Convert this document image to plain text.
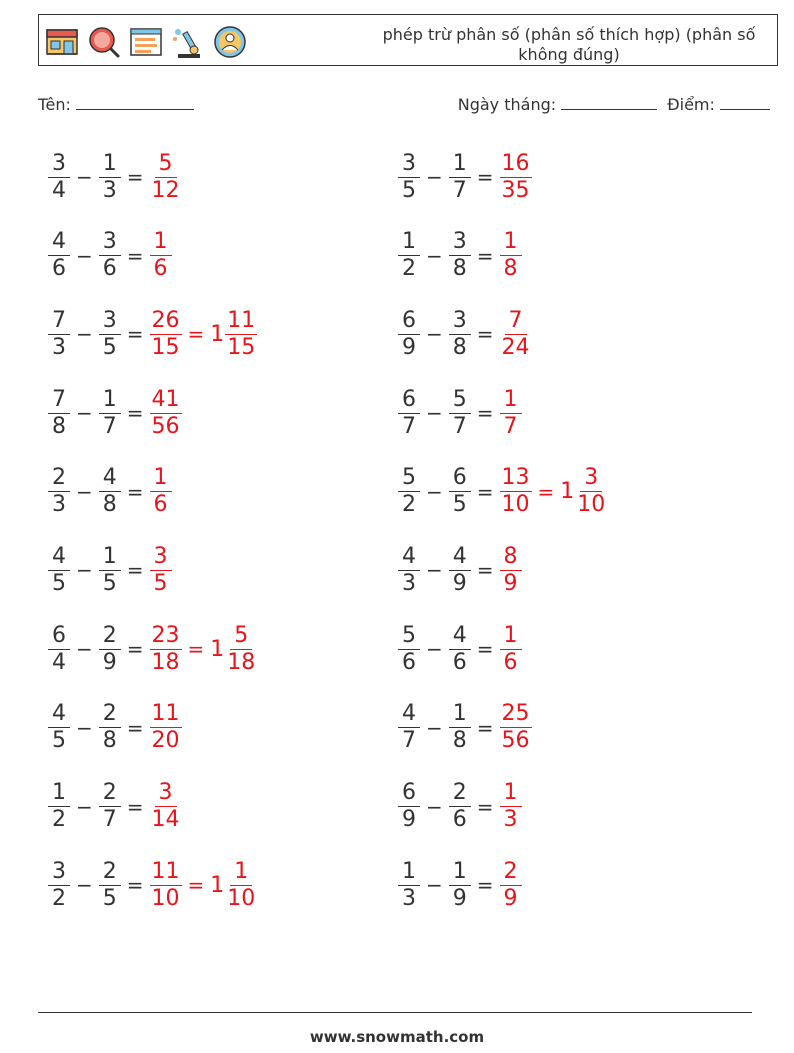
phép trừ phân số (phân số thích hợp) (phân số không đúng)
Tên:	Ngày tháng:	Điểm:
$\frac{3}{4} - \frac{1}{3} = \frac{5}{12}$	$\frac{3}{5} - \frac{1}{7} = \frac{16}{35}$
$\frac{4}{6} - \frac{3}{6} = \frac{1}{6}$	$\frac{1}{2} - \frac{3}{8} = \frac{1}{8}$
$\frac{7}{3} - \frac{3}{5} = \frac{26}{15} = 1 \frac{11}{15}$	$\frac{6}{9} - \frac{3}{8} = \frac{7}{24}$
$\frac{7}{8} - \frac{1}{7} = \frac{41}{56}$	$\frac{6}{7} - \frac{5}{7} = \frac{1}{7}$
$\frac{2}{3} - \frac{4}{8} = \frac{1}{6}$	$\frac{5}{2} - \frac{6}{5} = \frac{13}{10} = 1 \frac{3}{10}$
$\frac{4}{5} - \frac{1}{5} = \frac{3}{5}$	$\frac{4}{3} - \frac{4}{9} = \frac{8}{9}$
$\frac{6}{4} - \frac{2}{9} = \frac{23}{18} = 1 \frac{5}{18}$	$\frac{5}{6} - \frac{4}{6} = \frac{1}{6}$
$\frac{4}{5} - \frac{2}{8} = \frac{11}{20}$	$\frac{4}{7} - \frac{1}{8} = \frac{25}{56}$
$\frac{1}{2} - \frac{2}{7} = \frac{3}{14}$	$\frac{6}{9} - \frac{2}{6} = \frac{1}{3}$
$\frac{3}{2} - \frac{2}{5} = \frac{11}{10} = 1 \frac{1}{10}$	$\frac{1}{3} - \frac{1}{9} = \frac{2}{9}$
www.snowmath.com
